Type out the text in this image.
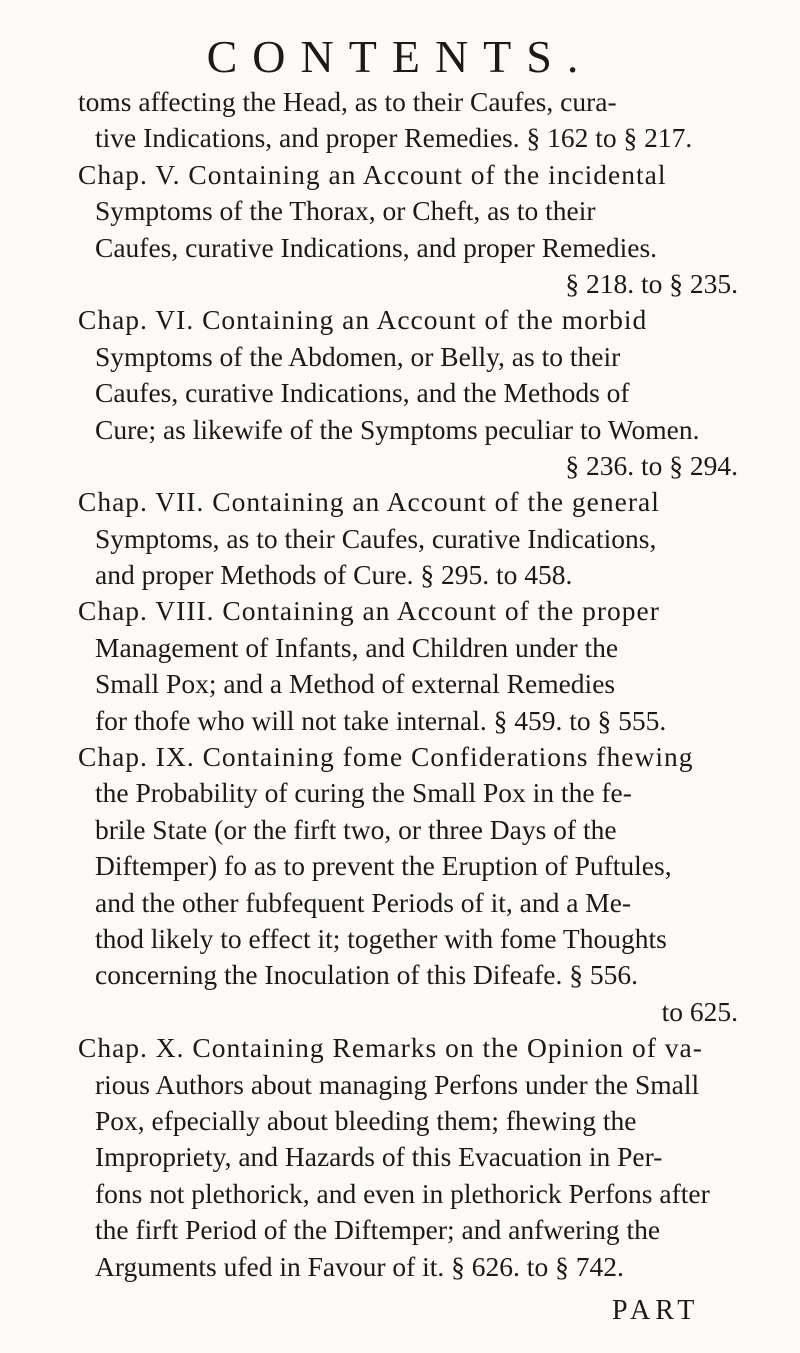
CONTENTS.
toms affecting the Head, as to their Caufes, cura-
tive Indications, and proper Remedies. § 162 to § 217.
Chap. V. Containing an Account of the incidental
Symptoms of the Thorax, or Cheft, as to their
Caufes, curative Indications, and proper Remedies.
§ 218. to § 235.
Chap. VI. Containing an Account of the morbid
Symptoms of the Abdomen, or Belly, as to their
Caufes, curative Indications, and the Methods of
Cure; as likewife of the Symptoms peculiar to Women.
§ 236. to § 294.
Chap. VII. Containing an Account of the general
Symptoms, as to their Caufes, curative Indications,
and proper Methods of Cure. § 295. to 458.
Chap. VIII. Containing an Account of the proper
Management of Infants, and Children under the
Small Pox; and a Method of external Remedies
for thofe who will not take internal. § 459. to § 555.
Chap. IX. Containing fome Confiderations fhewing
the Probability of curing the Small Pox in the fe-
brile State (or the firft two, or three Days of the
Diftemper) fo as to prevent the Eruption of Puftules,
and the other fubfequent Periods of it, and a Me-
thod likely to effect it; together with fome Thoughts
concerning the Inoculation of this Difeafe. § 556.
to 625.
Chap. X. Containing Remarks on the Opinion of va-
rious Authors about managing Perfons under the Small
Pox, efpecially about bleeding them; fhewing the
Impropriety, and Hazards of this Evacuation in Per-
fons not plethorick, and even in plethorick Perfons after
the firft Period of the Diftemper; and anfwering the
Arguments ufed in Favour of it. § 626. to § 742.
PART
